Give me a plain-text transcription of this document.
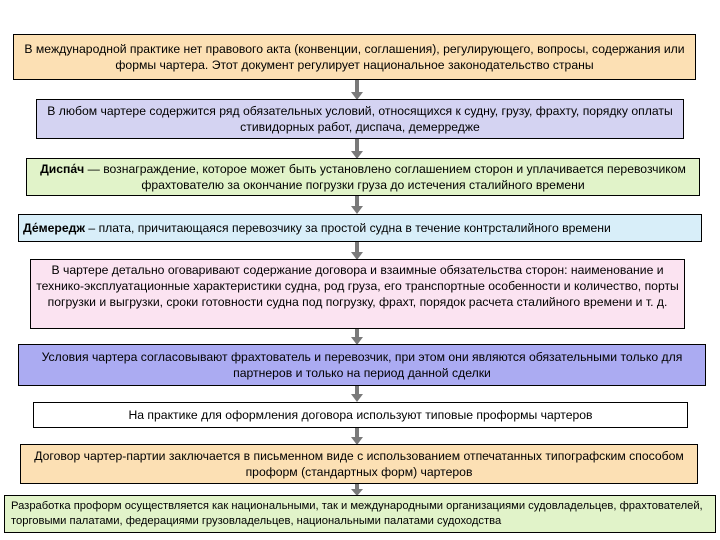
В международной практике нет правового акта (конвенции, соглашения), регулирующего, вопросы, содержания или формы чартера. Этот документ регулирует национальное законодательство страны
В любом чартере содержится ряд обязательных условий, относящихся к судну, грузу, фрахту, порядку оплаты стивидорных работ, диспача, демерредже
Диспа́ч — вознаграждение, которое может быть установлено соглашением сторон и уплачивается перевозчиком фрахтователю за окончание погрузки груза до истечения сталийного времени
Де́мередж – плата, причитающаяся перевозчику за простой судна в течение контрсталийного времени
В чартере детально оговаривают содержание договора и взаимные обязательства сторон: наименование и технико-эксплуатационные характеристики судна, род груза, его транспортные особенности и количество, порты погрузки и выгрузки, сроки готовности судна под погрузку, фрахт, порядок расчета сталийного времени и т. д.
Условия чартера согласовывают фрахтователь и перевозчик, при этом они являются обязательными только для партнеров и только на период данной сделки
На практике для оформления договора используют типовые проформы чартеров
Договор чартер-партии заключается в письменном виде с использованием отпечатанных типографским способом проформ (стандартных форм) чартеров
Разработка проформ осуществляется как национальными, так и международными организациями судовладельцев, фрахтователей, торговыми палатами, федерациями грузовладельцев, национальными палатами судоходства
